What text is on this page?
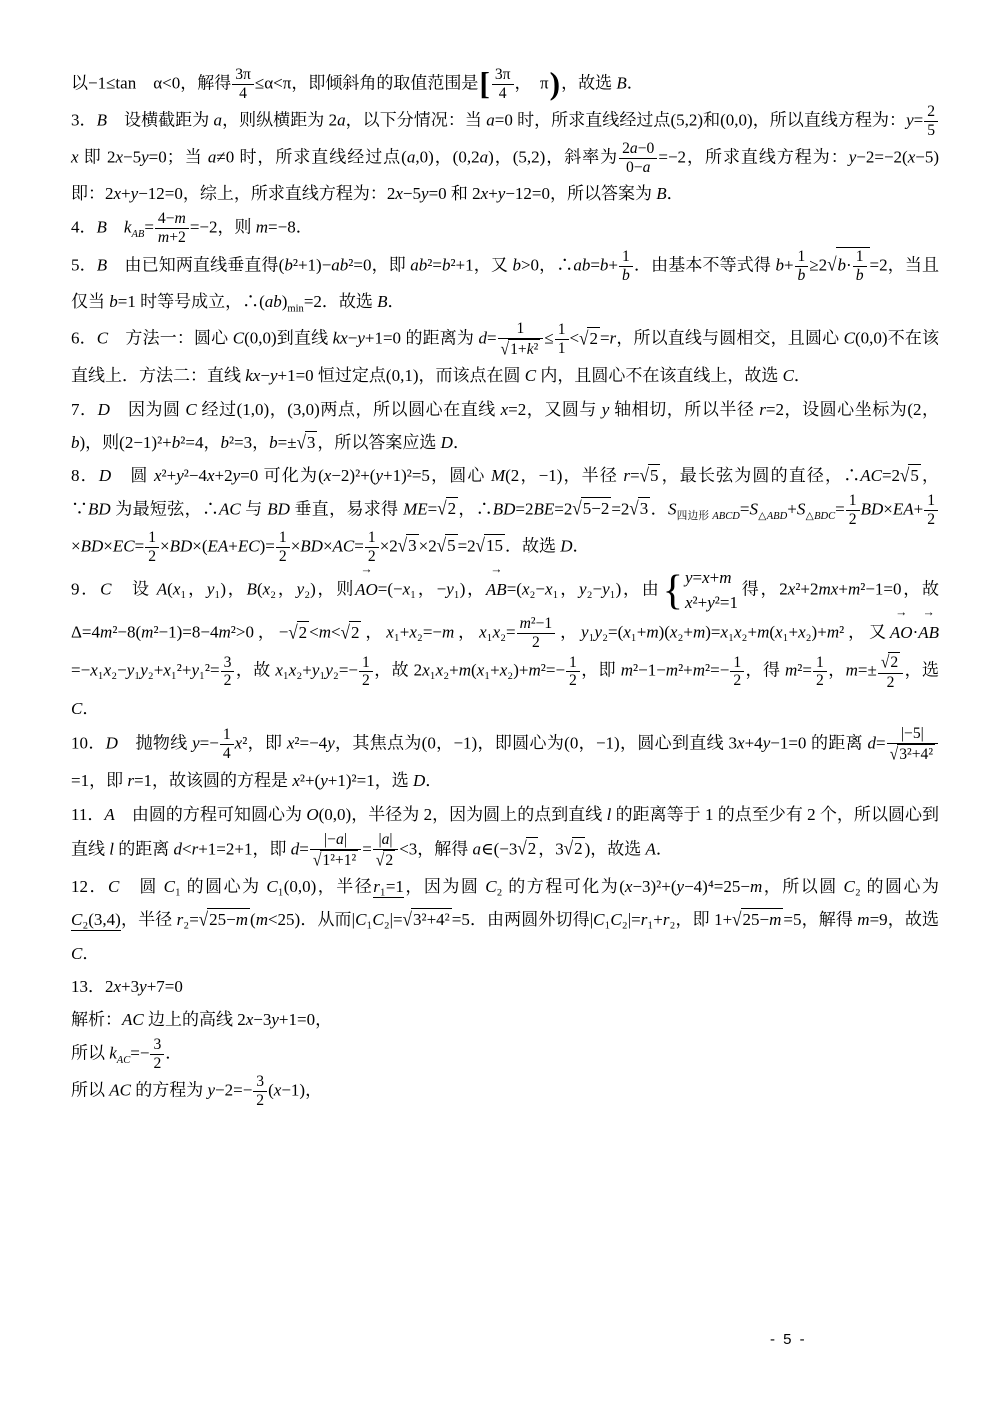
以−1≤tan　α<0，解得 $\frac{3\pi}{4} \le\alpha<\pi$，即倾斜角的取值范围是[ $\frac{3\pi}{4}$ ，　π)，故选 B．
3．B　设横截距为 a，则纵横距为 2a，以下分情况：当 a=0 时，所求直线经过点(5,2)和(0,0)，所以直线方程为：$y= \frac{2}{5}$
x 即 2x−5y=0；当 a≠0 时，所求直线经过点(a,0)，(0,2a)，(5,2)，斜率为 $\frac{2a-0}{0-a} =-2$，所求直线方程为：y−2=−2(x−5)即：2x+y−12=0，综上，所求直线方程为：2x−5y=0 和 2x+y−12=0，所以答案为 B．
4．B　 $k_{AB}= \frac{4-m}{m+2} =-2$，则 m=−8．
5．B　由已知两直线垂直得(b²+1)−ab²=0，即 ab²=b²+1，又 b>0，∴ab=b+ $\frac{1}{b}$ ．由基本不等式得 $b+ \frac{1}{b} \ge 2√b\cdot \frac{1}{b} =2$，当且仅当 b=1 时等号成立，$\therefore(ab)_{min}=2$．故选 B．
6．C　方法一：圆心 C(0,0)到直线 kx−y+1=0 的距离为 $d= \frac{1}{\text{√1+k²}} \le \frac{1}{1} <√2 =r$，所以直线与圆相交，且圆心 C(0,0)不在该直线上．方法二：直线 kx−y+1=0 恒过定点(0,1)，而该点在圆 C 内，且圆心不在该直线上，故选 C．
7．D　因为圆 C 经过(1,0)，(3,0)两点，所以圆心在直线 x=2，又圆与 y 轴相切，所以半径 r=2，设圆心坐标为(2，b)，则(2−1)²+b²=4，b²=3，b=±√3 ，所以答案应选 D．
8．D　圆 x²+y²−4x+2y=0 可化为(x−2)²+(y+1)²=5，圆心 M(2，−1)，半径 r=√5 ，最长弦为圆的直径，∴AC=2√5 ，∵BD 为最短弦，∴AC 与 BD 垂直，易求得 ME=√2 ，∴BD=2BE=2√5−2 =2√3 ．$S_{四边形 ABCD}=S_{\triangle ABD}+S_{\triangle BDC}= \frac{1}{2} BD\times EA+ \frac{1}{2}$
$\times BD\times EC= \frac{1}{2} \times BD\times(EA+EC)= \frac{1}{2} \times BD\times AC= \frac{1}{2} \times 2√3 \times 2√5 =2√15$ ．故选 D．
9．C　设 A(x₁，y₁)，B(x₂，y₂)，则
→
AO=(−x₁，−y₁)，
→
AB=(x₂−x₁，y₂−y₁)，由 { y=x+m
x²+y²=1
得，2x²+2mx+m²−1=0，故 Δ=4m²−8(m²−1)=8−4m²>0，−√2 <m<√2 ，x₁+x₂=−m，$x_1x_2= \frac{\text{m²−1}}{2}$ ，y₁y₂=(x₁+m)(x₂+m)=x₁x₂+m(x₁+x₂)+m²，又
→
AO·
→
$AB=-x_1x_2-y_1y_2+x_1^2+y_1^2= \frac{3}{2}$ ，故 $x_1x_2+y_1y_2=- \frac{1}{2}$ ，故 $2x_1x_2+m(x_1+x_2)+m^2=- \frac{1}{2}$ ，即 $m^2-1-m^2+m^2=- \frac{1}{2}$ ，得 $m^2= \frac{1}{2}$ ，$m=\pm \frac{√2}{2}$ ，选 C．
10．D　抛物线 $y=- \frac{1}{4} x^2$，即 x²=−4y，其焦点为(0，−1)，即圆心为(0，−1)，圆心到直线 3x+4y−1=0 的距离 $d= \frac{|-5|}{\text{√3²+4²}}$
=1，即 r=1，故该圆的方程是 x²+(y+1)²=1，选 D．
11．A　由圆的方程可知圆心为 O(0,0)，半径为 2，因为圆上的点到直线 l 的距离等于 1 的点至少有 2 个，所以圆心到直线 l 的距离 d<r+1=2+1，即 $d= \frac{|-a|}{\text{√1²+1²}} = \frac{|a|}{√2} <3$，解得 a∈(−3√2 ，3√2 )，故选 A．
12．C　圆 C₁ 的圆心为 C₁(0,0)，半径r₁=1，因为圆 C₂ 的方程可化为(x−3)²+(y−4)⁴=25−m，所以圆 C₂ 的圆心为C₂(3,4)，半径 r₂=√25−m (m<25)．从而|C₁C₂|=√3²+4² =5．由两圆外切得|C₁C₂|=r₁+r₂，即 1+√25−m =5，解得 m=9，故选 C．
13．2x+3y+7=0
解析：AC 边上的高线 2x−3y+1=0，
所以 $k_{AC}=- \frac{3}{2}$ ．
所以 AC 的方程为 $y-2=- \frac{3}{2} (x-1)$，
- 5 -
